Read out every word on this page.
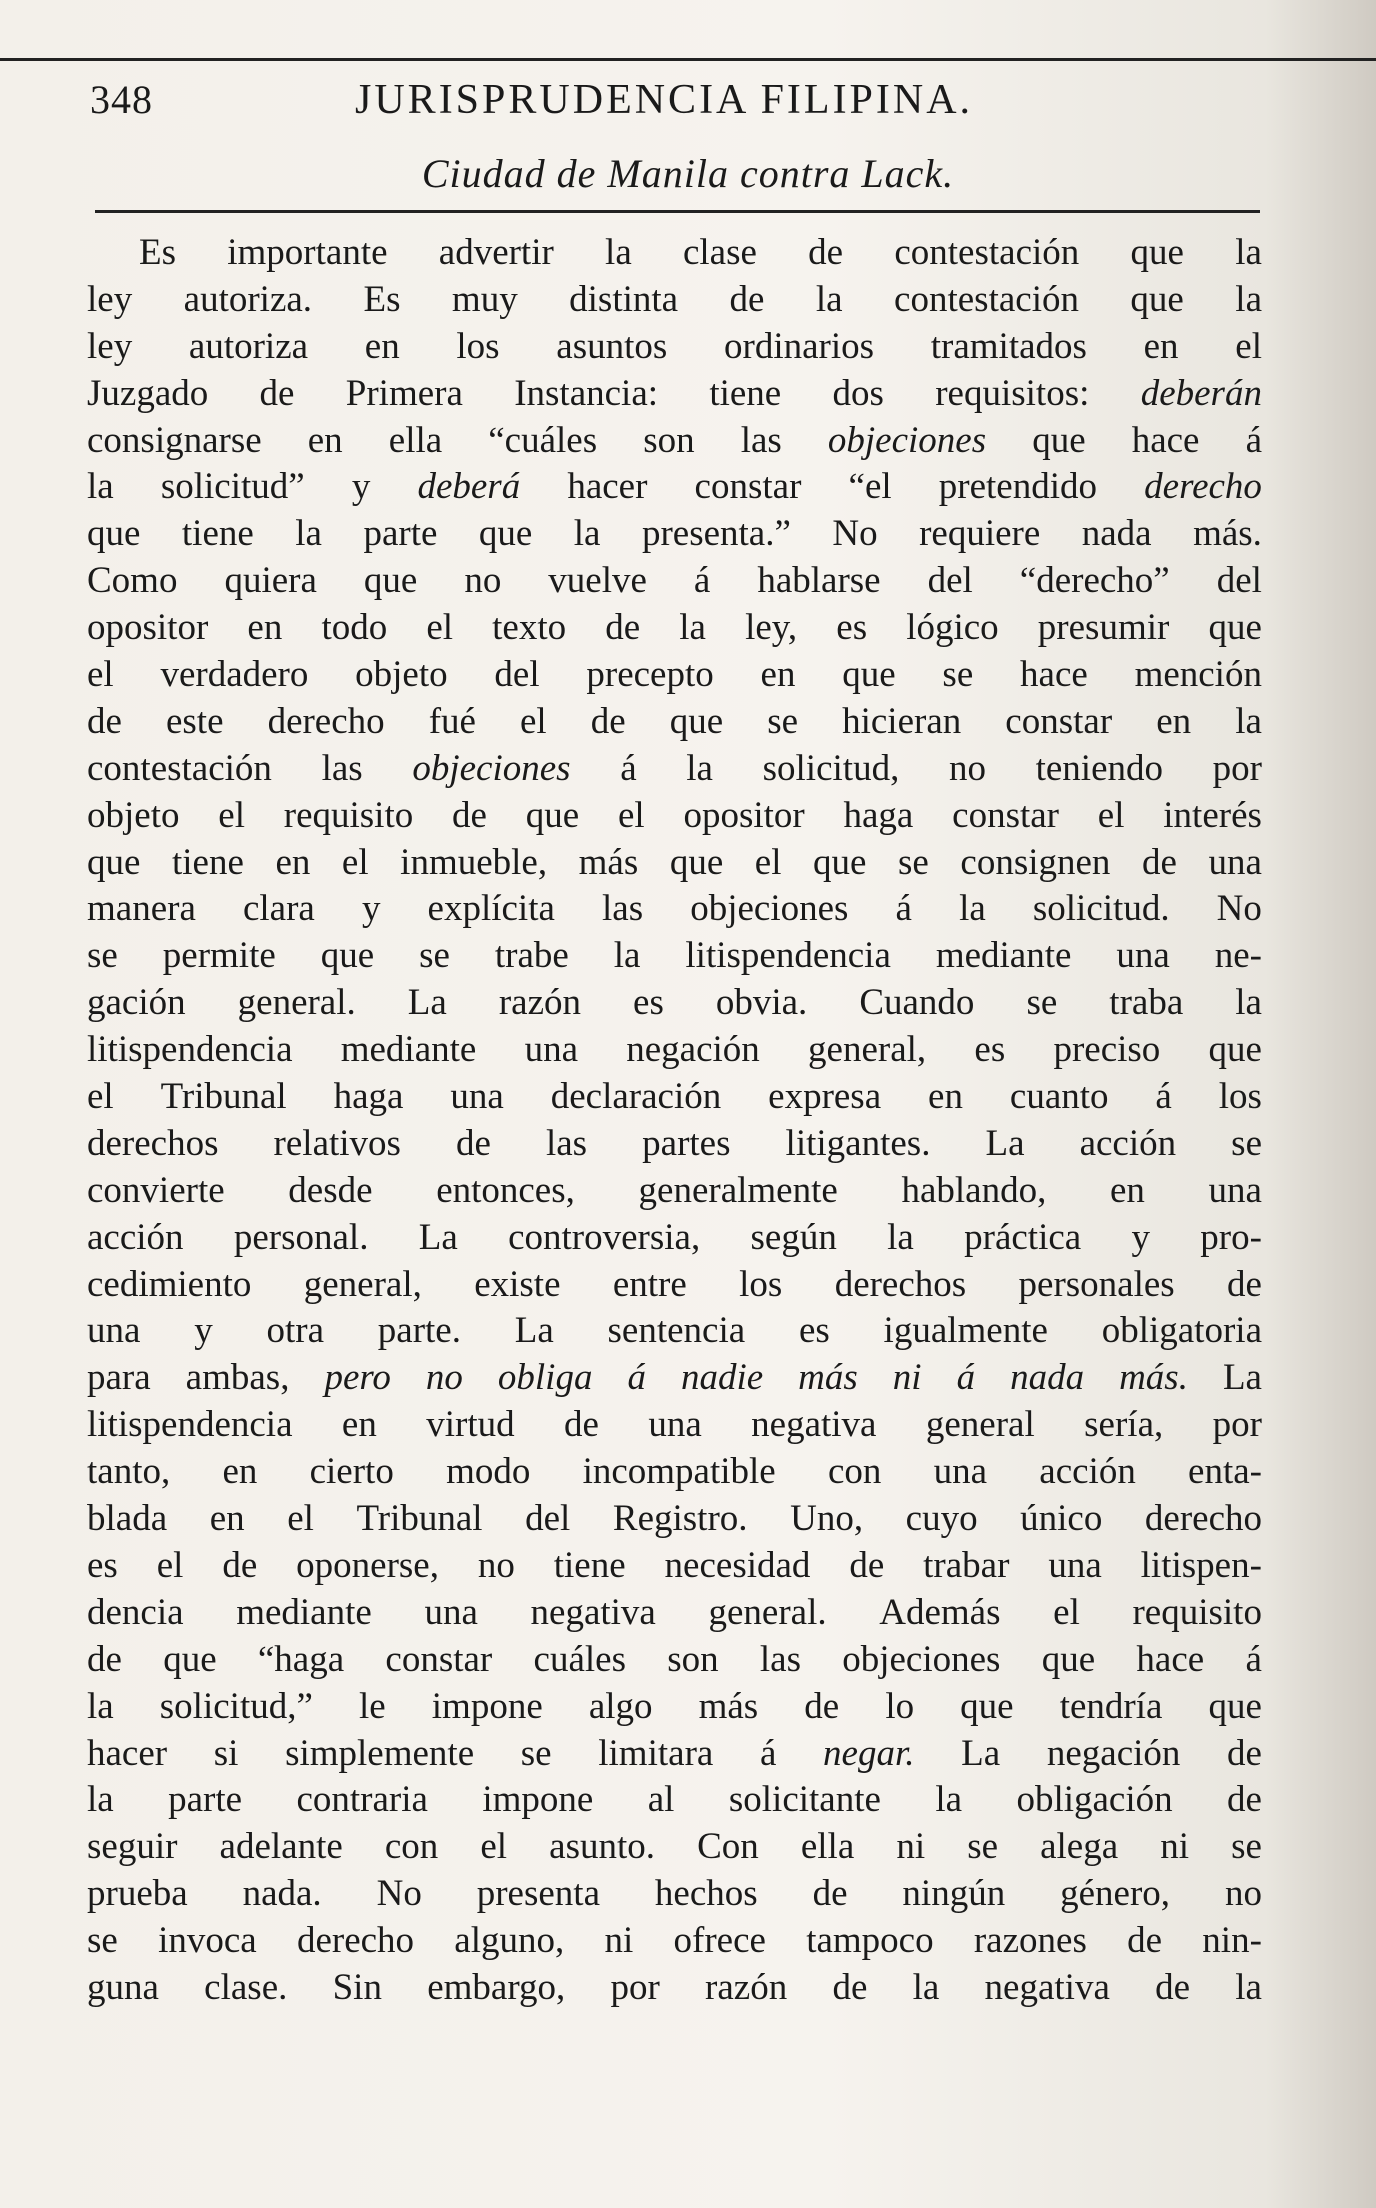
348	JURISPRUDENCIA FILIPINA.
Ciudad de Manila contra Lack.
Es importante advertir la clase de contestación que la
ley autoriza. Es muy distinta de la contestación que la
ley autoriza en los asuntos ordinarios tramitados en el
Juzgado de Primera Instancia: tiene dos requisitos: deberán
consignarse en ella “cuáles son las objeciones que hace á
la solicitud” y deberá hacer constar “el pretendido derecho
que tiene la parte que la presenta.” No requiere nada más.
Como quiera que no vuelve á hablarse del “derecho” del
opositor en todo el texto de la ley, es lógico presumir que
el verdadero objeto del precepto en que se hace mención
de este derecho fué el de que se hicieran constar en la
contestación las objeciones á la solicitud, no teniendo por
objeto el requisito de que el opositor haga constar el interés
que tiene en el inmueble, más que el que se consignen de una
manera clara y explícita las objeciones á la solicitud. No
se permite que se trabe la litispendencia mediante una ne-
gación general. La razón es obvia. Cuando se traba la
litispendencia mediante una negación general, es preciso que
el Tribunal haga una declaración expresa en cuanto á los
derechos relativos de las partes litigantes. La acción se
convierte desde entonces, generalmente hablando, en una
acción personal. La controversia, según la práctica y pro-
cedimiento general, existe entre los derechos personales de
una y otra parte. La sentencia es igualmente obligatoria
para ambas, pero no obliga á nadie más ni á nada más. La
litispendencia en virtud de una negativa general sería, por
tanto, en cierto modo incompatible con una acción enta-
blada en el Tribunal del Registro. Uno, cuyo único derecho
es el de oponerse, no tiene necesidad de trabar una litispen-
dencia mediante una negativa general. Además el requisito
de que “haga constar cuáles son las objeciones que hace á
la solicitud,” le impone algo más de lo que tendría que
hacer si simplemente se limitara á negar. La negación de
la parte contraria impone al solicitante la obligación de
seguir adelante con el asunto. Con ella ni se alega ni se
prueba nada. No presenta hechos de ningún género, no
se invoca derecho alguno, ni ofrece tampoco razones de nin-
guna clase. Sin embargo, por razón de la negativa de la
